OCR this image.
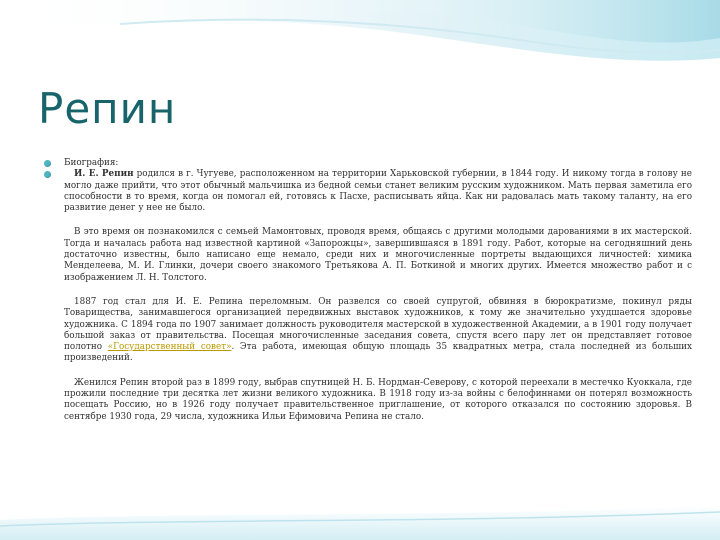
Репин

Биография:

И. Е. Репин родился в г. Чугуеве, расположенном на территории Харьковской губернии, в 1844 году. И никому тогда в голову не могло даже прийти, что этот обычный мальчишка из бедной семьи станет великим русским художником. Мать первая заметила его способности в то время, когда он помогал ей, готовясь к Пасхе, расписывать яйца. Как ни радовалась мать такому таланту, на его развитие денег у нее не было.

В это время он познакомился с семьей Мамонтовых, проводя время, общаясь с другими молодыми дарованиями в их мастерской. Тогда и началась работа над известной картиной «Запорожцы», завершившаяся в 1891 году. Работ, которые на сегодняшний день достаточно известны, было написано еще немало, среди них и многочисленные портреты выдающихся личностей: химика Менделеева, М. И. Глинки, дочери своего знакомого Третьякова А. П. Боткиной и многих других. Имеется множество работ и с изображением Л. Н. Толстого.

1887 год стал для И. Е. Репина переломным. Он развелся со своей супругой, обвиняя в бюрократизме, покинул ряды Товарищества, занимавшегося организацией передвижных выставок художников, к тому же значительно ухудшается здоровье художника. С 1894 года по 1907 занимает должность руководителя мастерской в художественной Академии, а в 1901 году получает большой заказ от правительства. Посещая многочисленные заседания совета, спустя всего пару лет он представляет готовое полотно «Государственный совет». Эта работа, имеющая общую площадь 35 квадратных метра, стала последней из больших произведений.

Женился Репин второй раз в 1899 году, выбрав спутницей Н. Б. Нордман-Северову, с которой переехали в местечко Куоккала, где прожили последние три десятка лет жизни великого художника. В 1918 году из-за войны с белофиннами он потерял возможность посещать Россию, но в 1926 году получает правительственное приглашение, от которого отказался по состоянию здоровья. В сентябре 1930 года, 29 числа, художника Ильи Ефимовича Репина не стало.
